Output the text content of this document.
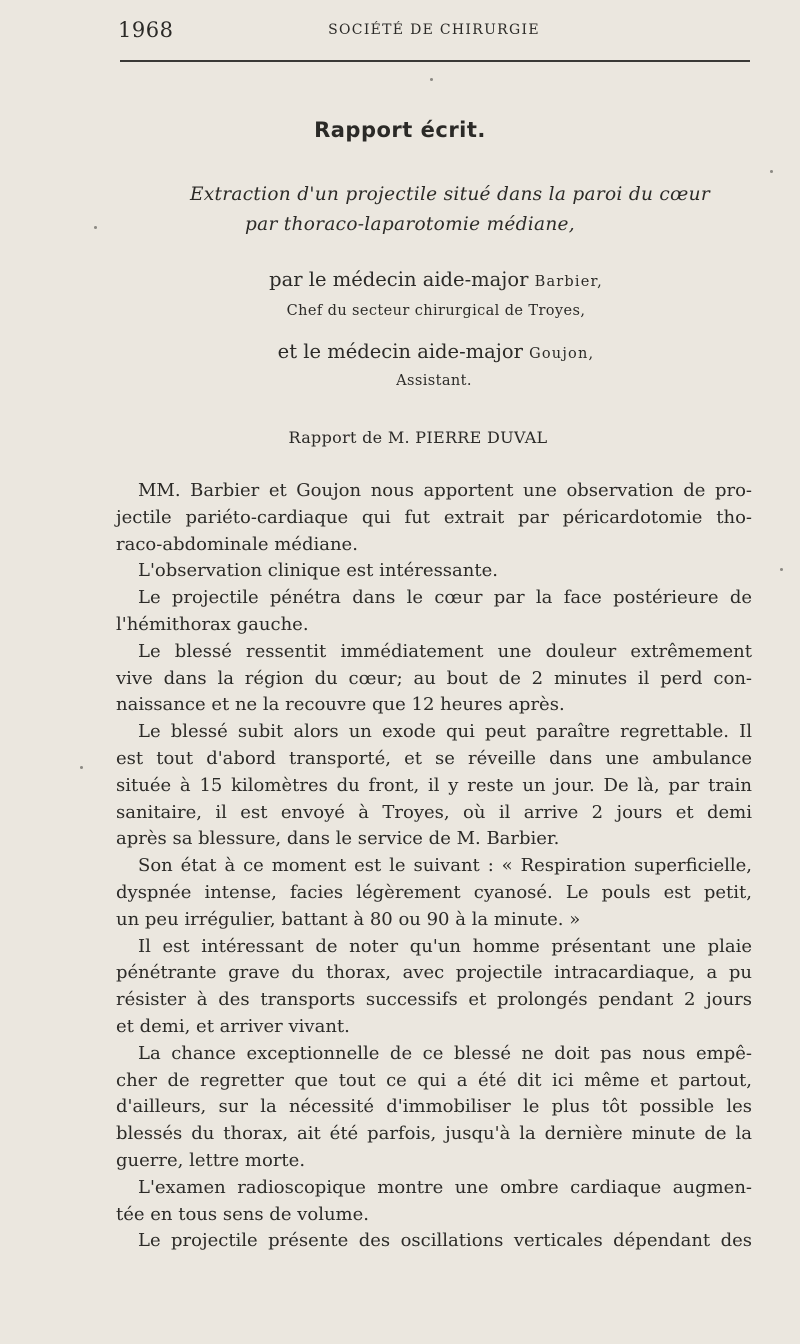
1968	SOCIÉTÉ DE CHIRURGIE
Rapport écrit.
Extraction d'un projectile situé dans la paroi du cœur
par thoraco-laparotomie médiane,
par le médecin aide-major Barbier,
Chef du secteur chirurgical de Troyes,
et le médecin aide-major Goujon,
Assistant.
Rapport de M. PIERRE DUVAL
MM. Barbier et Goujon nous apportent une observation de pro-
jectile pariéto-cardiaque qui fut extrait par péricardotomie tho-
raco-abdominale médiane.
L'observation clinique est intéressante.
Le projectile pénétra dans le cœur par la face postérieure de
l'hémithorax gauche.
Le blessé ressentit immédiatement une douleur extrêmement
vive dans la région du cœur; au bout de 2 minutes il perd con-
naissance et ne la recouvre que 12 heures après.
Le blessé subit alors un exode qui peut paraître regrettable. Il
est tout d'abord transporté, et se réveille dans une ambulance
située à 15 kilomètres du front, il y reste un jour. De là, par train
sanitaire, il est envoyé à Troyes, où il arrive 2 jours et demi
après sa blessure, dans le service de M. Barbier.
Son état à ce moment est le suivant : « Respiration superficielle,
dyspnée intense, facies légèrement cyanosé. Le pouls est petit,
un peu irrégulier, battant à 80 ou 90 à la minute. »
Il est intéressant de noter qu'un homme présentant une plaie
pénétrante grave du thorax, avec projectile intracardiaque, a pu
résister à des transports successifs et prolongés pendant 2 jours
et demi, et arriver vivant.
La chance exceptionnelle de ce blessé ne doit pas nous empê-
cher de regretter que tout ce qui a été dit ici même et partout,
d'ailleurs, sur la nécessité d'immobiliser le plus tôt possible les
blessés du thorax, ait été parfois, jusqu'à la dernière minute de la
guerre, lettre morte.
L'examen radioscopique montre une ombre cardiaque augmen-
tée en tous sens de volume.
Le projectile présente des oscillations verticales dépendant des
